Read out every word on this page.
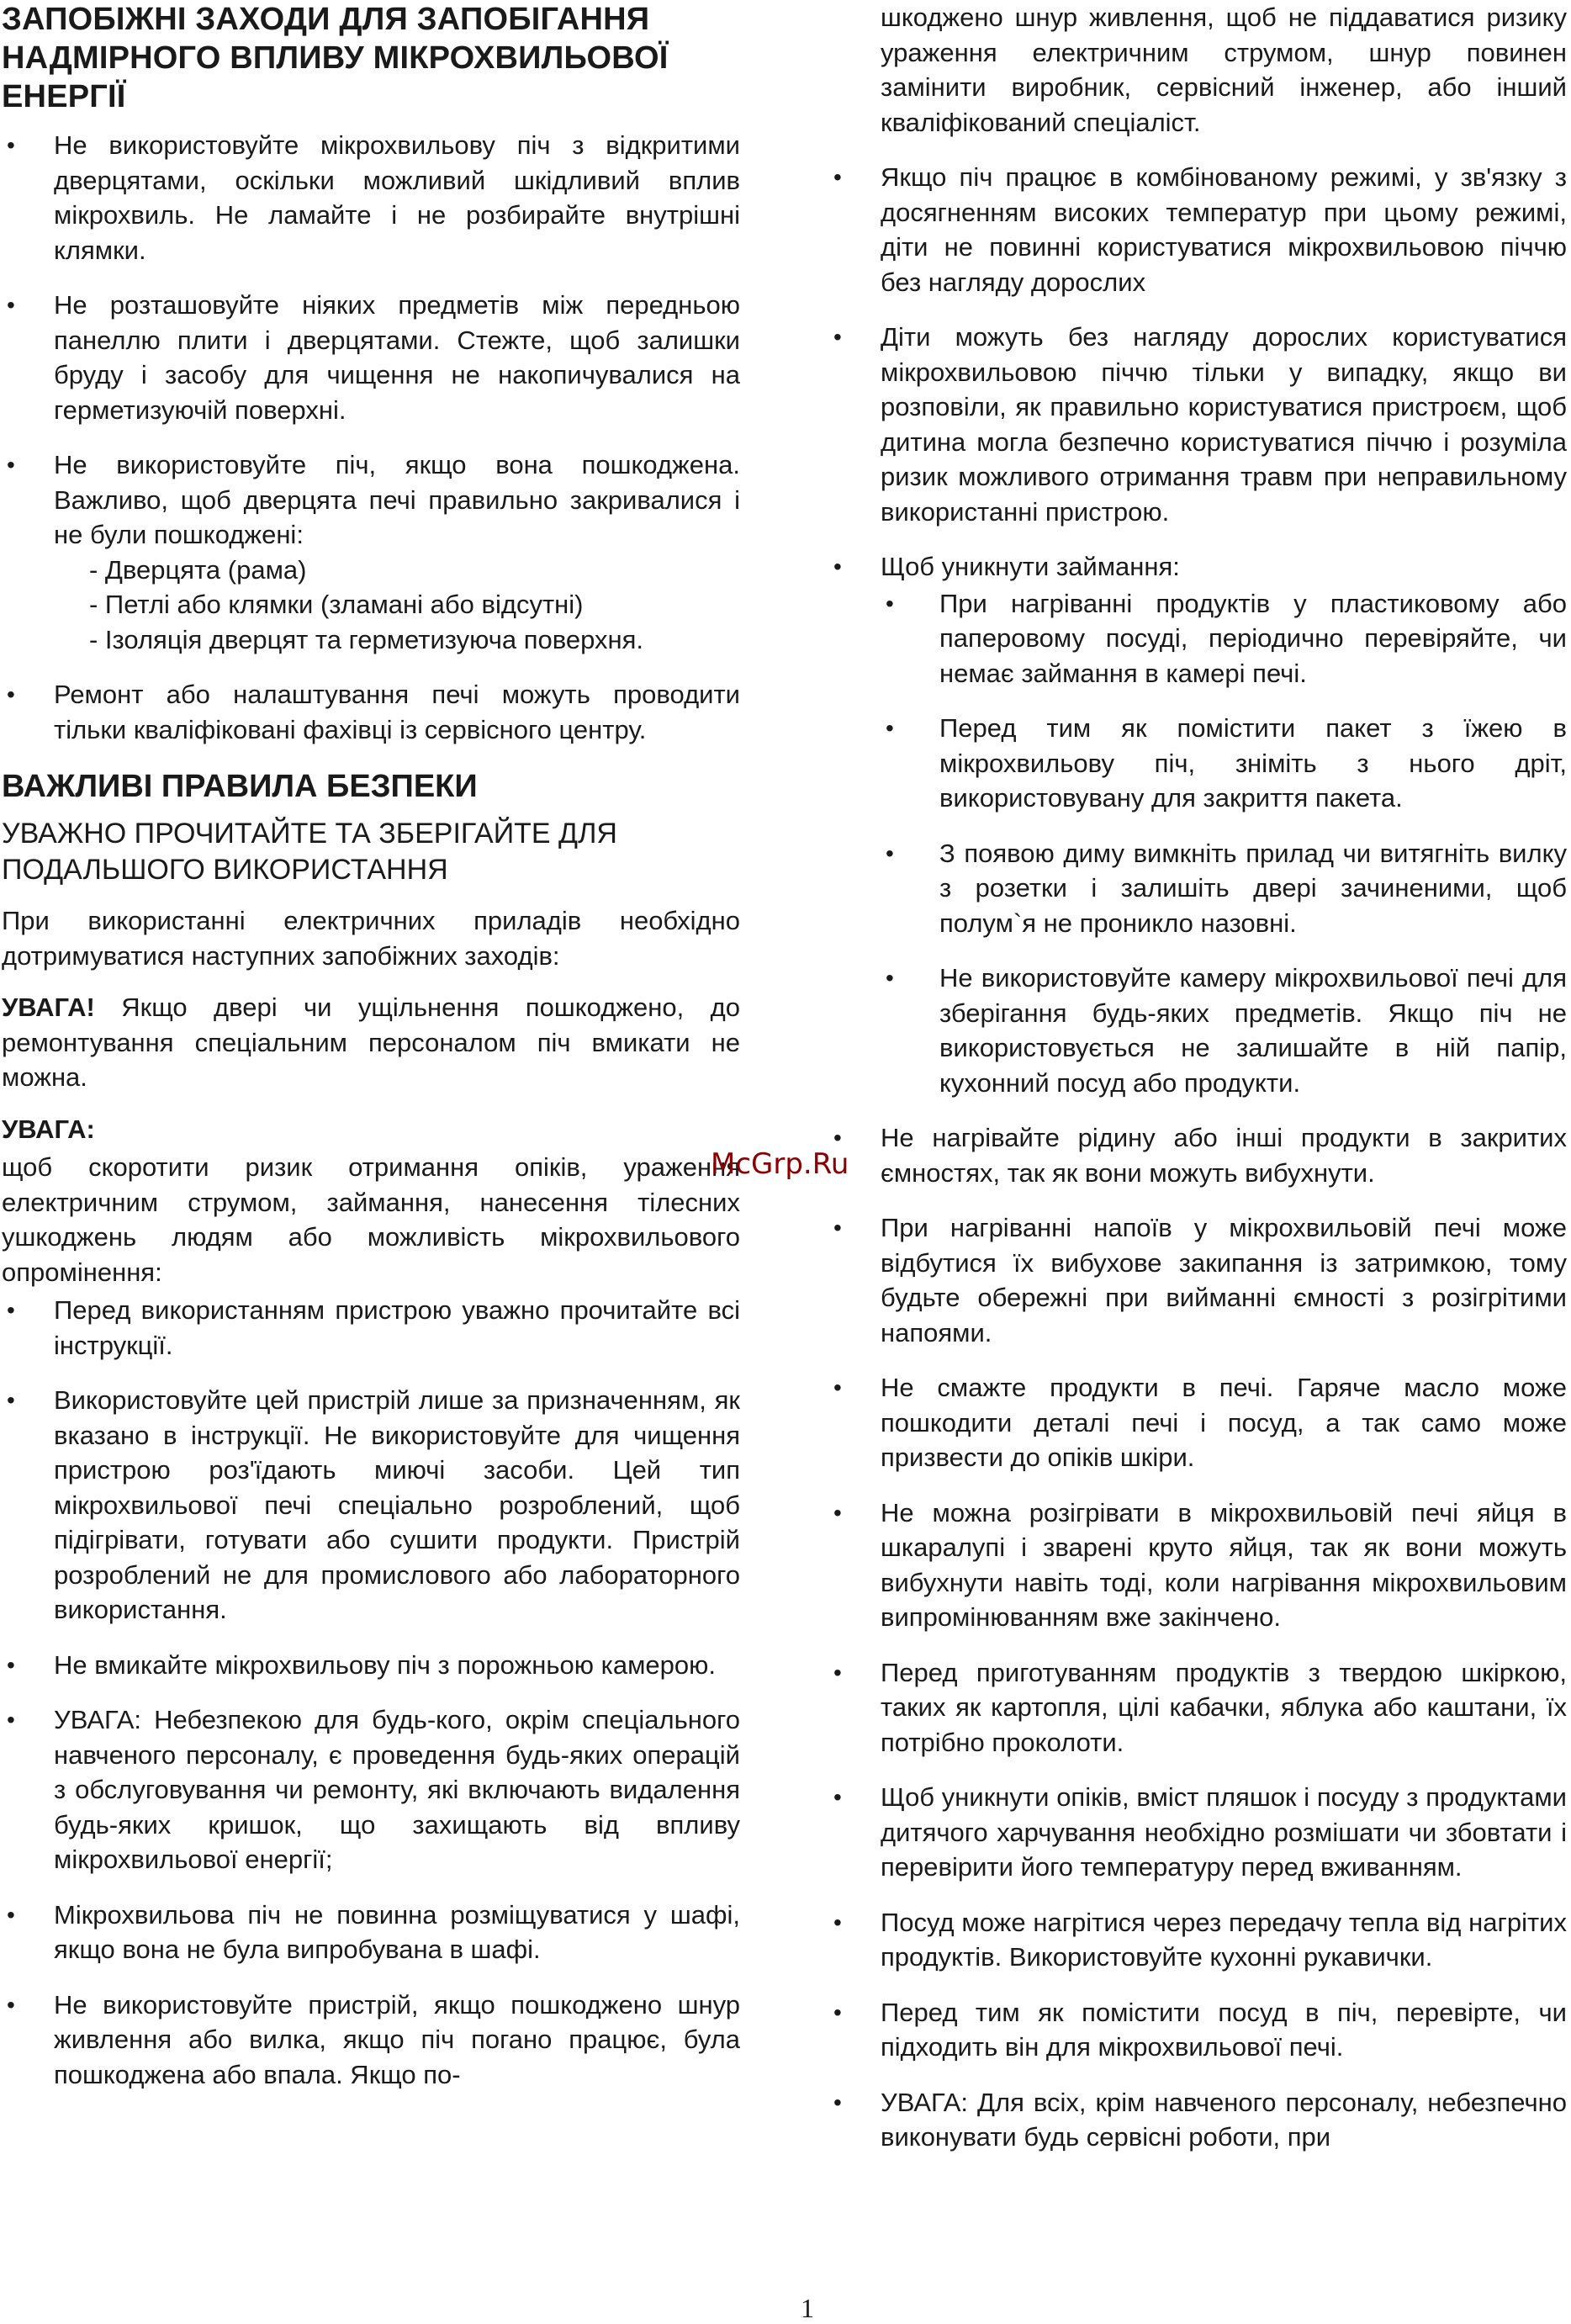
ЗАПОБІЖНІ ЗАХОДИ ДЛЯ ЗАПОБІГАННЯ НАДМІРНОГО ВПЛИВУ МІКРОХВИЛЬОВОЇ ЕНЕРГІЇ
• Не використовуйте мікрохвильову піч з відкритими дверцятами, оскільки можливий шкідливий вплив мікрохвиль. Не ламайте і не розбирайте внутрішні клямки.
• Не розташовуйте ніяких предметів між передньою панеллю плити і дверцятами. Стежте, щоб залишки бруду і засобу для чищення не накопичувалися на герметизуючій поверхні.
• Не використовуйте піч, якщо вона пошкоджена. Важливо, щоб дверцята печі правильно закривалися і не були пошкоджені:
- Дверцята (рама)
- Петлі або клямки (зламані або відсутні)
- Ізоляція дверцят та герметизуюча поверхня.
• Ремонт або налаштування печі можуть проводити тільки кваліфіковані фахівці із сервісного центру.
ВАЖЛИВІ ПРАВИЛА БЕЗПЕКИ

УВАЖНО ПРОЧИТАЙТЕ ТА ЗБЕРІГАЙТЕ ДЛЯ ПОДАЛЬШОГО ВИКОРИСТАННЯ

При використанні електричних приладів необхідно дотримуватися наступних запобіжних заходів:

УВАГА! Якщо двері чи ущільнення пошкоджено, до ремонтування спеціальним персоналом піч вмикати не можна.

УВАГА:

щоб скоротити ризик отримання опіків, ураження електричним струмом, займання, нанесення тілесних ушкоджень людям або можливість мікрохвильового опромінення:

• Перед використанням пристрою уважно прочитайте всі інструкції.
• Використовуйте цей пристрій лише за призначенням, як вказано в інструкції. Не використовуйте для чищення пристрою роз'їдають миючі засоби. Цей тип мікрохвильової печі спеціально розроблений, щоб підігрівати, готувати або сушити продукти. Пристрій розроблений не для промислового або лабораторного використання.
• Не вмикайте мікрохвильову піч з порожньою камерою.
• УВАГА: Небезпекою для будь-кого, окрім спеціального навченого персоналу, є проведення будь-яких операцій з обслуговування чи ремонту, які включають видалення будь-яких кришок, що захищають від впливу мікрохвильової енергії;
• Мікрохвильова піч не повинна розміщуватися у шафі, якщо вона не була випробувана в шафі.
• Не використовуйте пристрій, якщо пошкоджено шнур живлення або вилка, якщо піч погано працює, була пошкоджена або впала. Якщо по-
шкоджено шнур живлення, щоб не піддаватися ризику ураження електричним струмом, шнур повинен замінити виробник, сервісний інженер, або інший кваліфікований спеціаліст.
• Якщо піч працює в комбінованому режимі, у зв'язку з досягненням високих температур при цьому режимі, діти не повинні користуватися мікрохвильовою піччю без нагляду дорослих
• Діти можуть без нагляду дорослих користуватися мікрохвильовою піччю тільки у випадку, якщо ви розповіли, як правильно користуватися пристроєм, щоб дитина могла безпечно користуватися піччю і розуміла ризик можливого отримання травм при неправильному використанні пристрою.
• Щоб уникнути займання:
• При нагріванні продуктів у пластиковому або паперовому посуді, періодично перевіряйте, чи немає займання в камері печі.
• Перед тим як помістити пакет з їжею в мікрохвильову піч, зніміть з нього дріт, використовувану для закриття пакета.
• З появою диму вимкніть прилад чи витягніть вилку з розетки і залишіть двері зачиненими, щоб полум`я не проникло назовні.
• Не використовуйте камеру мікрохвильової печі для зберігання будь-яких предметів. Якщо піч не використовується не залишайте в ній папір, кухонний посуд або продукти.
• Не нагрівайте рідину або інші продукти в закритих ємностях, так як вони можуть вибухнути.
• При нагріванні напоїв у мікрохвильовій печі може відбутися їх вибухове закипання із затримкою, тому будьте обережні при вийманні ємності з розігрітими напоями.
• Не смажте продукти в печі. Гаряче масло може пошкодити деталі печі і посуд, а так само може призвести до опіків шкіри.
• Не можна розігрівати в мікрохвильовій печі яйця в шкаралупі і зварені круто яйця, так як вони можуть вибухнути навіть тоді, коли нагрівання мікрохвильовим випромінюванням вже закінчено.
• Перед приготуванням продуктів з твердою шкіркою, таких як картопля, цілі кабачки, яблука або каштани, їх потрібно проколоти.
• Щоб уникнути опіків, вміст пляшок і посуду з продуктами дитячого харчування необхідно розмішати чи збовтати і перевірити його температуру перед вживанням.
• Посуд може нагрітися через передачу тепла від нагрітих продуктів. Використовуйте кухонні рукавички.
• Перед тим як помістити посуд в піч, перевірте, чи підходить він для мікрохвильової печі.
• УВАГА: Для всіх, крім навченого персоналу, небезпечно виконувати будь сервісні роботи, при
McGrp.Ru
1
